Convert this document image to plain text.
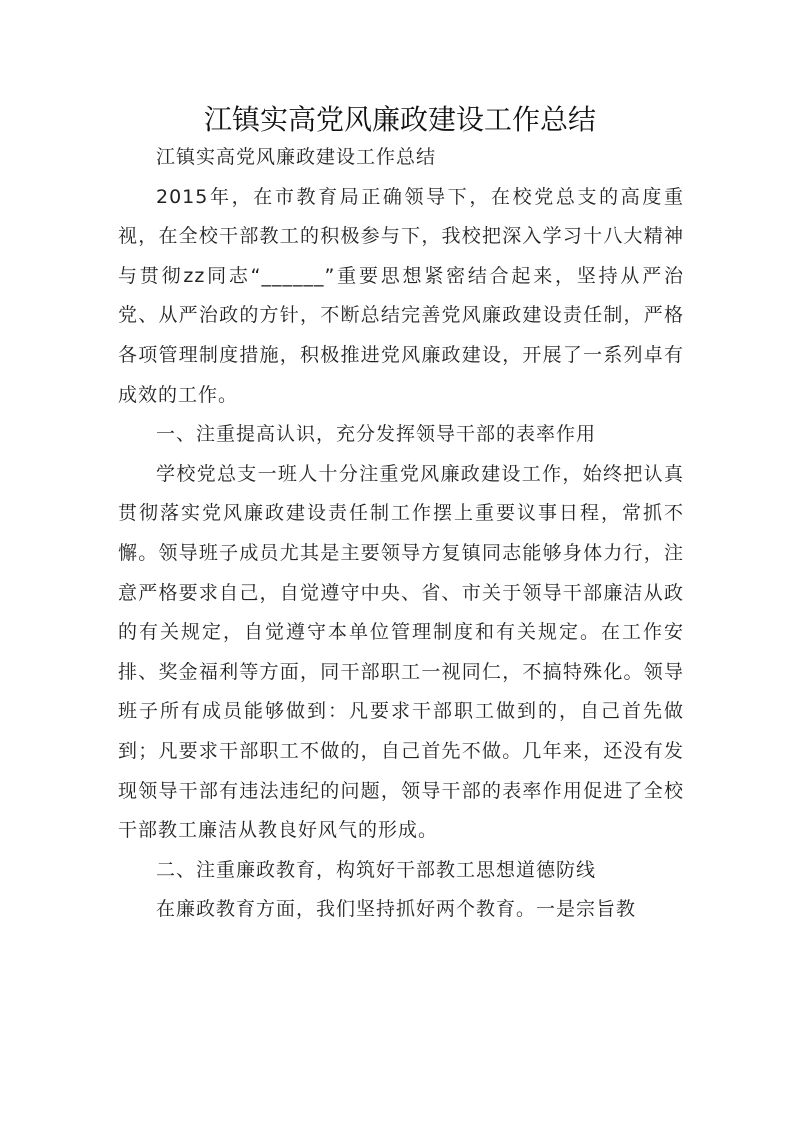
江镇实高党风廉政建设工作总结

江镇实高党风廉政建设工作总结

2015年，在市教育局正确领导下，在校党总支的高度重视，在全校干部教工的积极参与下，我校把深入学习十八大精神与贯彻zz同志“______”重要思想紧密结合起来，坚持从严治党、从严治政的方针，不断总结完善党风廉政建设责任制，严格各项管理制度措施，积极推进党风廉政建设，开展了一系列卓有成效的工作。

一、注重提高认识，充分发挥领导干部的表率作用

学校党总支一班人十分注重党风廉政建设工作，始终把认真贯彻落实党风廉政建设责任制工作摆上重要议事日程，常抓不懈。领导班子成员尤其是主要领导方复镇同志能够身体力行，注意严格要求自己，自觉遵守中央、省、市关于领导干部廉洁从政的有关规定，自觉遵守本单位管理制度和有关规定。在工作安排、奖金福利等方面，同干部职工一视同仁，不搞特殊化。领导班子所有成员能够做到：凡要求干部职工做到的，自己首先做到；凡要求干部职工不做的，自己首先不做。几年来，还没有发现领导干部有违法违纪的问题，领导干部的表率作用促进了全校干部教工廉洁从教良好风气的形成。

二、注重廉政教育，构筑好干部教工思想道德防线

在廉政教育方面，我们坚持抓好两个教育。一是宗旨教
